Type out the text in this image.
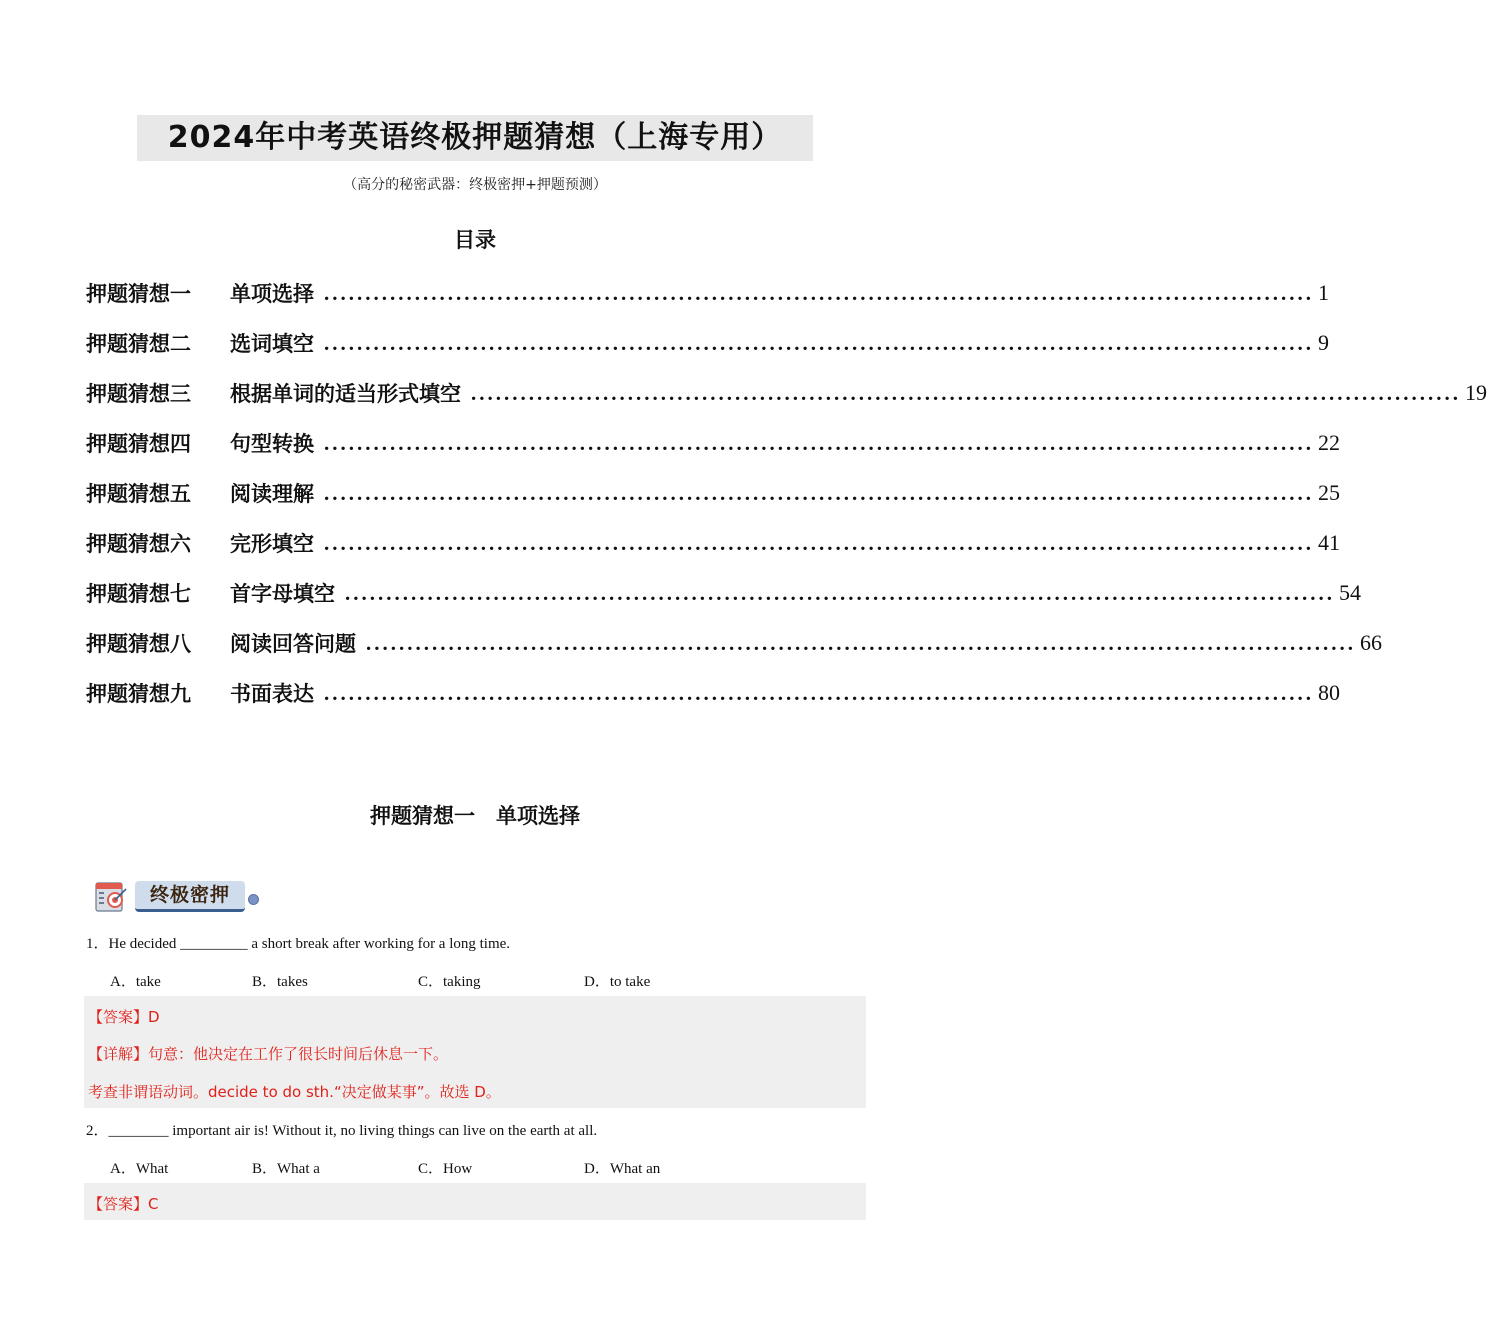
2024年中考英语终极押题猜想（上海专用）
（高分的秘密武器：终极密押+押题预测）
目录
押题猜想一	单项选择 ........................................................................................................................ 1
押题猜想二	选词填空 ........................................................................................................................ 9
押题猜想三	根据单词的适当形式填空 ........................................................................................................................ 19
押题猜想四	句型转换 ........................................................................................................................ 22
押题猜想五	阅读理解 ........................................................................................................................ 25
押题猜想六	完形填空 ........................................................................................................................ 41
押题猜想七	首字母填空 ........................................................................................................................ 54
押题猜想八	阅读回答问题 ........................................................................................................................ 66
押题猜想九	书面表达 ........................................................................................................................ 80
押题猜想一　单项选择
终极密押
1．He decided _________ a short break after working for a long time.
A．take	B．takes	C．taking	D．to take
【答案】D
【详解】句意：他决定在工作了很长时间后休息一下。
考查非谓语动词。decide to do sth.“决定做某事”。故选 D。
2．________ important air is! Without it, no living things can live on the earth at all.
A．What	B．What a	C．How	D．What an
【答案】C
